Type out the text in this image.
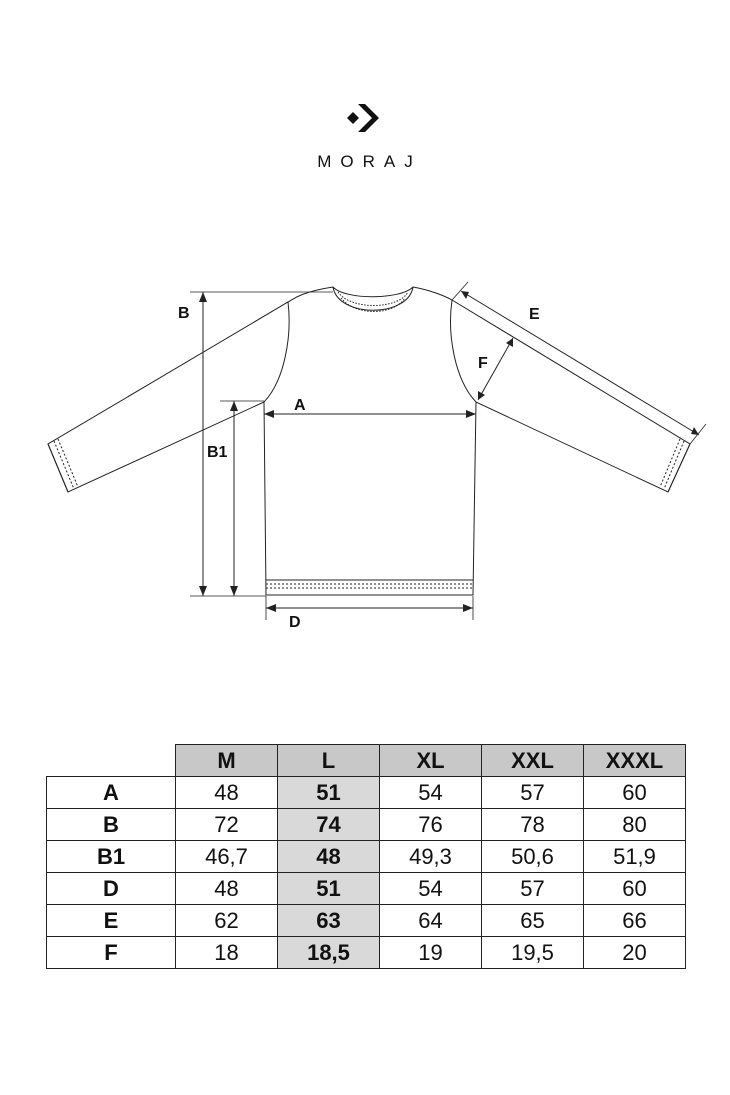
MORAJ
B
B1
A
D
E
F
	M	L	XL	XXL	XXXL
A	48	51	54	57	60
B	72	74	76	78	80
B1	46,7	48	49,3	50,6	51,9
D	48	51	54	57	60
E	62	63	64	65	66
F	18	18,5	19	19,5	20
